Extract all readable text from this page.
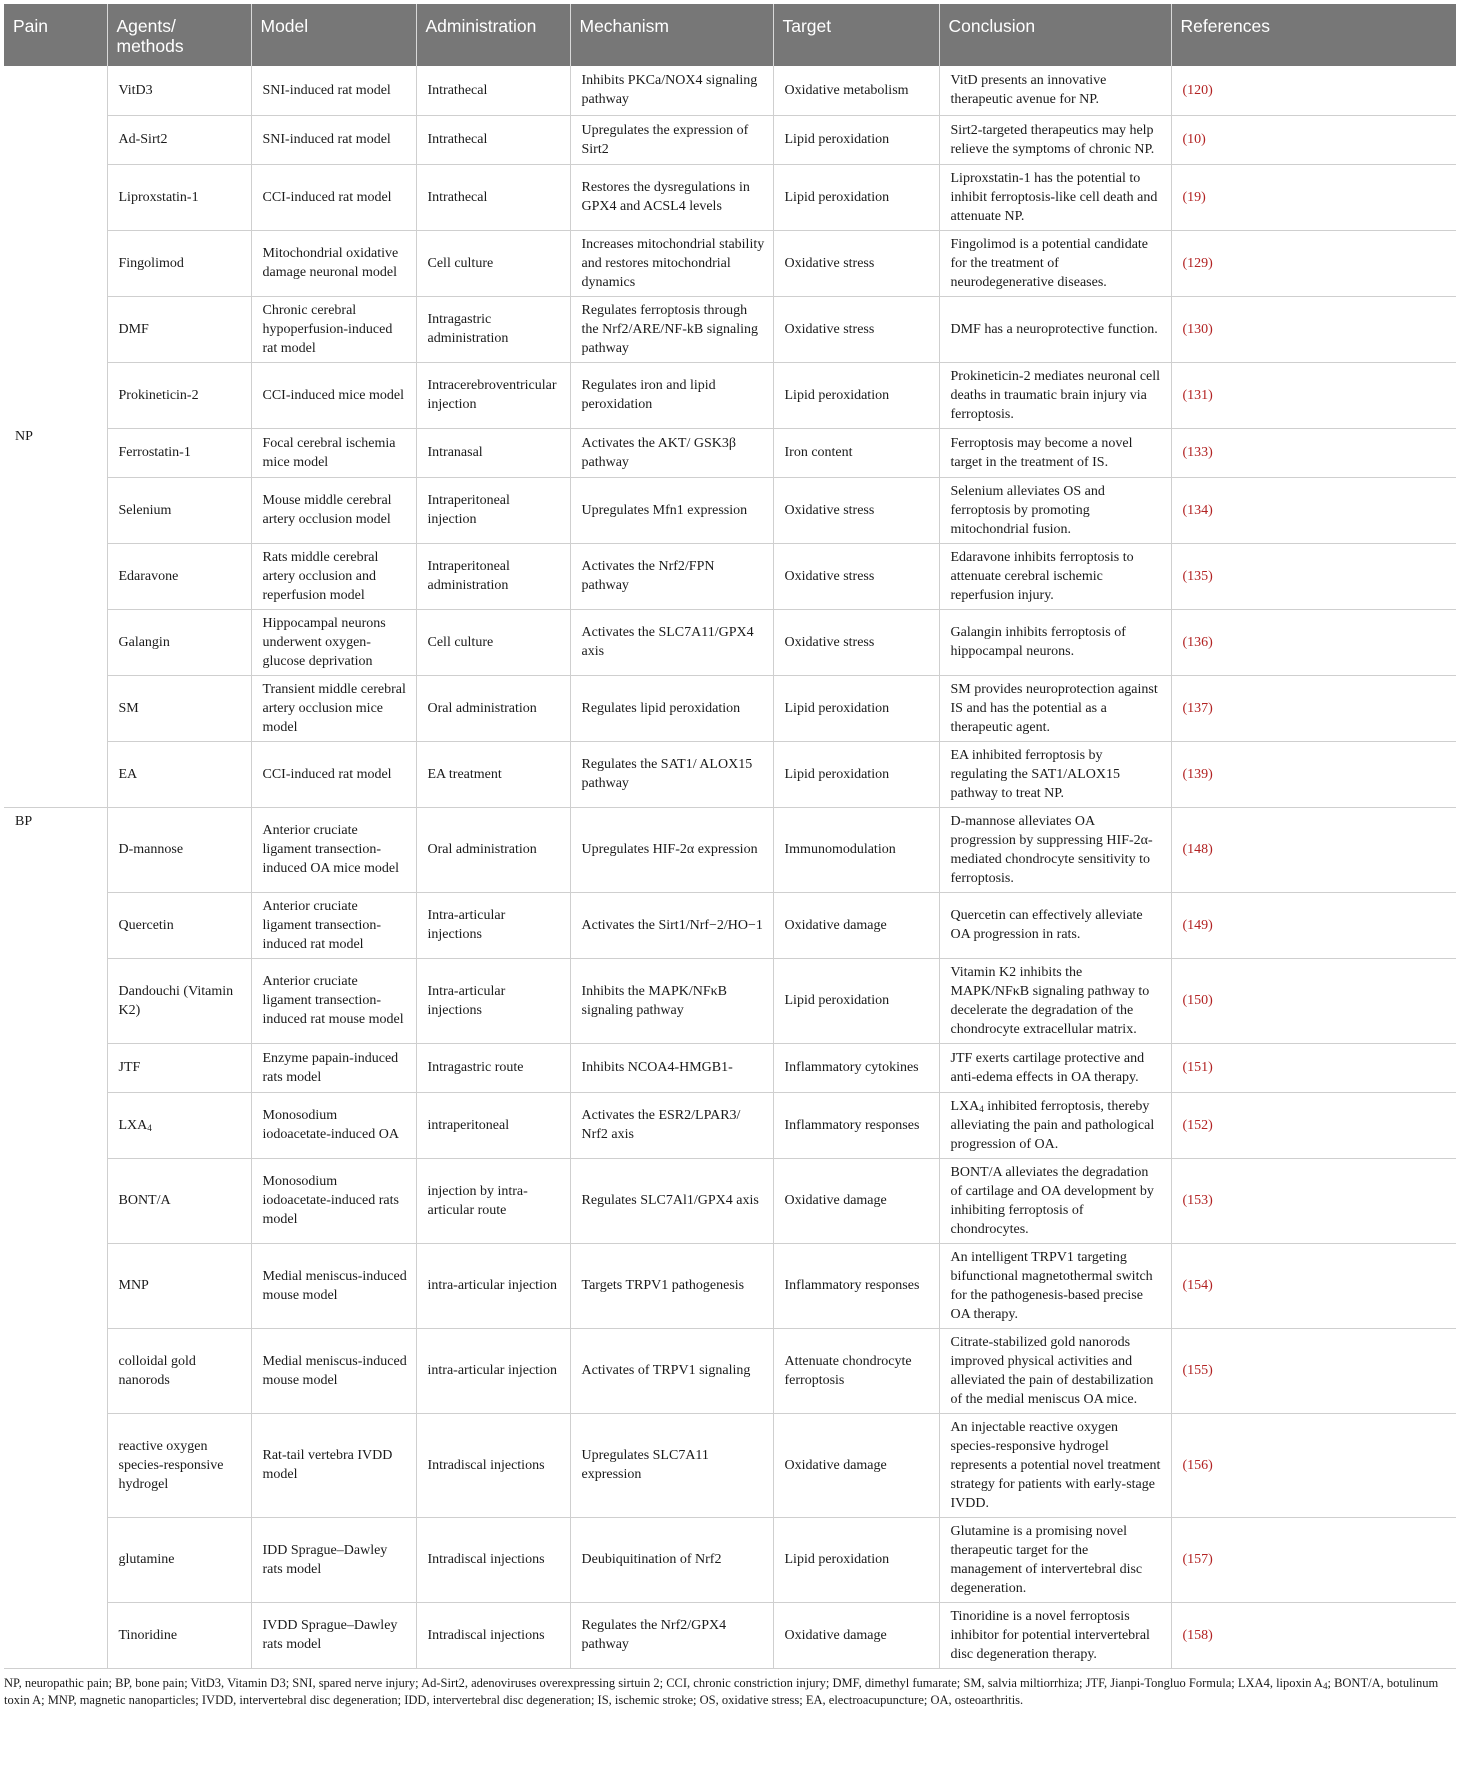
Pain	Agents/ methods	Model	Administration	Mechanism	Target	Conclusion	References
NP	VitD3	SNI-induced rat model	Intrathecal	Inhibits PKCa/NOX4 signaling pathway	Oxidative metabolism	VitD presents an innovative therapeutic avenue for NP.	(120)
	Ad-Sirt2	SNI-induced rat model	Intrathecal	Upregulates the expression of Sirt2	Lipid peroxidation	Sirt2-targeted therapeutics may help relieve the symptoms of chronic NP.	(10)
	Liproxstatin-1	CCI-induced rat model	Intrathecal	Restores the dysregulations in GPX4 and ACSL4 levels	Lipid peroxidation	Liproxstatin-1 has the potential to inhibit ferroptosis-like cell death and attenuate NP.	(19)
	Fingolimod	Mitochondrial oxidative damage neuronal model	Cell culture	Increases mitochondrial stability and restores mitochondrial dynamics	Oxidative stress	Fingolimod is a potential candidate for the treatment of neurodegenerative diseases.	(129)
	DMF	Chronic cerebral hypoperfusion-induced rat model	Intragastric administration	Regulates ferroptosis through the Nrf2/ARE/NF-kB signaling pathway	Oxidative stress	DMF has a neuroprotective function.	(130)
	Prokineticin-2	CCI-induced mice model	Intracerebroventricular injection	Regulates iron and lipid peroxidation	Lipid peroxidation	Prokineticin-2 mediates neuronal cell deaths in traumatic brain injury via ferroptosis.	(131)
	Ferrostatin-1	Focal cerebral ischemia mice model	Intranasal	Activates the AKT/ GSK3β pathway	Iron content	Ferroptosis may become a novel target in the treatment of IS.	(133)
	Selenium	Mouse middle cerebral artery occlusion model	Intraperitoneal injection	Upregulates Mfn1 expression	Oxidative stress	Selenium alleviates OS and ferroptosis by promoting mitochondrial fusion.	(134)
	Edaravone	Rats middle cerebral artery occlusion and reperfusion model	Intraperitoneal administration	Activates the Nrf2/FPN pathway	Oxidative stress	Edaravone inhibits ferroptosis to attenuate cerebral ischemic reperfusion injury.	(135)
	Galangin	Hippocampal neurons underwent oxygen-glucose deprivation	Cell culture	Activates the SLC7A11/GPX4 axis	Oxidative stress	Galangin inhibits ferroptosis of hippocampal neurons.	(136)
	SM	Transient middle cerebral artery occlusion mice model	Oral administration	Regulates lipid peroxidation	Lipid peroxidation	SM provides neuroprotection against IS and has the potential as a therapeutic agent.	(137)
	EA	CCI-induced rat model	EA treatment	Regulates the SAT1/ ALOX15 pathway	Lipid peroxidation	EA inhibited ferroptosis by regulating the SAT1/ALOX15 pathway to treat NP.	(139)
BP	D-mannose	Anterior cruciate ligament transection-induced OA mice model	Oral administration	Upregulates HIF-2α expression	Immunomodulation	D-mannose alleviates OA progression by suppressing HIF-2α-mediated chondrocyte sensitivity to ferroptosis.	(148)
	Quercetin	Anterior cruciate ligament transection-induced rat model	Intra-articular injections	Activates the Sirt1/Nrf−2/HO−1	Oxidative damage	Quercetin can effectively alleviate OA progression in rats.	(149)
	Dandouchi (Vitamin K2)	Anterior cruciate ligament transection-induced rat mouse model	Intra-articular injections	Inhibits the MAPK/NFκB signaling pathway	Lipid peroxidation	Vitamin K2 inhibits the MAPK/NFκB signaling pathway to decelerate the degradation of the chondrocyte extracellular matrix.	(150)
	JTF	Enzyme papain-induced rats model	Intragastric route	Inhibits NCOA4-HMGB1-	Inflammatory cytokines	JTF exerts cartilage protective and anti-edema effects in OA therapy.	(151)
	$LXA_4$	Monosodium iodoacetate-induced OA	intraperitoneal	Activates the ESR2/LPAR3/ Nrf2 axis	Inflammatory responses	$LXA_4$ inhibited ferroptosis, thereby alleviating the pain and pathological progression of OA.	(152)
	BONT/A	Monosodium iodoacetate-induced rats model	injection by intra-articular route	Regulates SLC7Al1/GPX4 axis	Oxidative damage	BONT/A alleviates the degradation of cartilage and OA development by inhibiting ferroptosis of chondrocytes.	(153)
	MNP	Medial meniscus-induced mouse model	intra-articular injection	Targets TRPV1 pathogenesis	Inflammatory responses	An intelligent TRPV1 targeting bifunctional magnetothermal switch for the pathogenesis-based precise OA therapy.	(154)
	colloidal gold nanorods	Medial meniscus-induced mouse model	intra-articular injection	Activates of TRPV1 signaling	Attenuate chondrocyte ferroptosis	Citrate-stabilized gold nanorods improved physical activities and alleviated the pain of destabilization of the medial meniscus OA mice.	(155)
	reactive oxygen species-responsive hydrogel	Rat-tail vertebra IVDD model	Intradiscal injections	Upregulates SLC7A11 expression	Oxidative damage	An injectable reactive oxygen species-responsive hydrogel represents a potential novel treatment strategy for patients with early-stage IVDD.	(156)
	glutamine	IDD Sprague–Dawley rats model	Intradiscal injections	Deubiquitination of Nrf2	Lipid peroxidation	Glutamine is a promising novel therapeutic target for the management of intervertebral disc degeneration.	(157)
	Tinoridine	IVDD Sprague–Dawley rats model	Intradiscal injections	Regulates the Nrf2/GPX4 pathway	Oxidative damage	Tinoridine is a novel ferroptosis inhibitor for potential intervertebral disc degeneration therapy.	(158)
NP, neuropathic pain; BP, bone pain; VitD3, Vitamin D3; SNI, spared nerve injury; Ad-Sirt2, adenoviruses overexpressing sirtuin 2; CCI, chronic constriction injury; DMF, dimethyl fumarate; SM, salvia miltiorrhiza; JTF, Jianpi-Tongluo Formula; LXA4, lipoxin $A_4$; BONT/A, botulinum toxin A; MNP, magnetic nanoparticles; IVDD, intervertebral disc degeneration; IDD, intervertebral disc degeneration; IS, ischemic stroke; OS, oxidative stress; EA, electroacupuncture; OA, osteoarthritis.
